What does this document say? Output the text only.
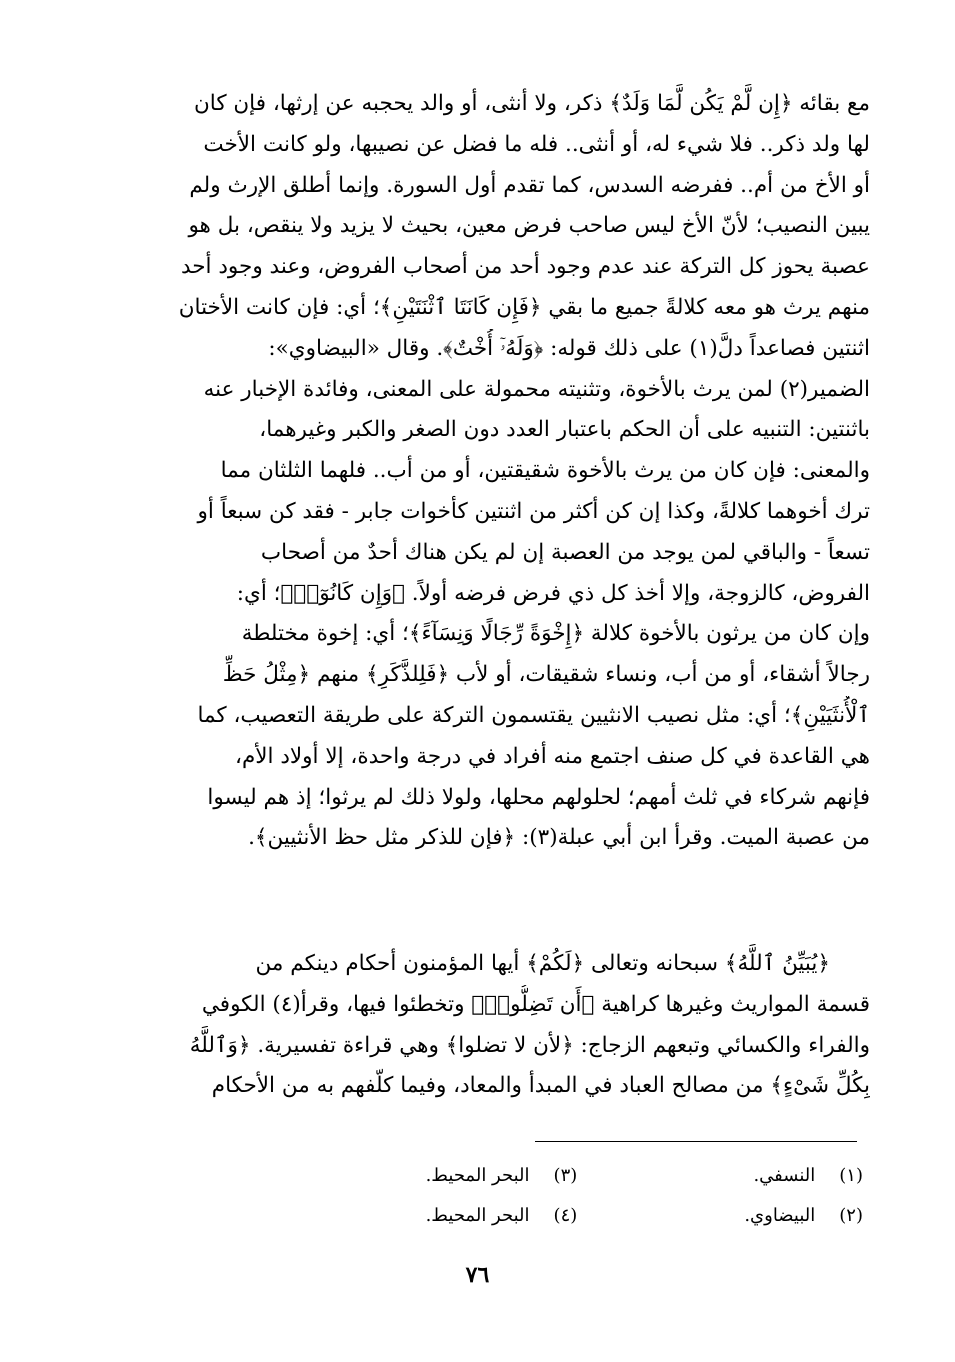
مع بقائه ﴿إِن لَّمْ يَكُن لَّمَا وَلَدٌ﴾ ذكر، ولا أنثى، أو والد يحجبه عن إرثها، فإن كان
لها ولد ذكر.. فلا شيء له، أو أنثى.. فله ما فضل عن نصيبها، ولو كانت الأخت
أو الأخ من أم.. ففرضه السدس، كما تقدم أول السورة. وإنما أطلق الإرث ولم
يبين النصيب؛ لأنّ الأخ ليس صاحب فرض معين، بحيث لا يزيد ولا ينقص، بل هو
عصبة يحوز كل التركة عند عدم وجود أحد من أصحاب الفروض، وعند وجود أحد
منهم يرث هو معه كلالةً جميع ما بقي ﴿فَإِن كَانَتَا ٱثْنَتَيْنِ﴾؛ أي: فإن كانت الأختان
اثنتين فصاعداً دلَّ(١) على ذلك قوله: ﴿وَلَهُۥٓ أُخْتٌ﴾. وقال «البيضاوي»:
الضمير(٢) لمن يرث بالأخوة، وتثنيته محمولة على المعنى، وفائدة الإخبار عنه
باثنتين: التنبيه على أن الحكم باعتبار العدد دون الصغر والكبر وغيرهما،
والمعنى: فإن كان من يرث بالأخوة شقيقتين، أو من أب.. فلهما الثلثان مما
ترك أخوهما كلالةً، وكذا إن كن أكثر من اثنتين كأخوات جابر - فقد كن سبعاً أو
تسعاً - والباقي لمن يوجد من العصبة إن لم يكن هناك أحدٌ من أصحاب
الفروض، كالزوجة، وإلا أخذ كل ذي فرض فرضه أولاً. ﴿وَإِن كَانُوٓا۟﴾؛ أي:
وإن كان من يرثون بالأخوة كلالة ﴿إِخْوَةً رِّجَالًا وَنِسَآءً﴾؛ أي: إخوة مختلطة
رجالاً أشقاء، أو من أب، ونساء شقيقات، أو لأب ﴿فَلِلذَّكَرِ﴾ منهم ﴿مِثْلُ حَظِّ
ٱلْأُنثَيَيْنِ﴾؛ أي: مثل نصيب الانثيين يقتسمون التركة على طريقة التعصيب، كما
هي القاعدة في كل صنف اجتمع منه أفراد في درجة واحدة، إلا أولاد الأم،
فإنهم شركاء في ثلث أمهم؛ لحلولهم محلها، ولولا ذلك لم يرثوا؛ إذ هم ليسوا
من عصبة الميت. وقرأ ابن أبي عبلة(٣): ﴿فإن للذكر مثل حظ الأنثيين﴾.
﴿يُبَيِّنُ ٱللَّهُ﴾ سبحانه وتعالى ﴿لَكُمْ﴾ أيها المؤمنون أحكام دينكم من
قسمة المواريث وغيرها كراهية ﴿أَن تَضِلُّوا۟﴾ وتخطئوا فيها، وقرأ(٤) الكوفي
والفراء والكسائي وتبعهم الزجاج: ﴿لأن لا تضلوا﴾ وهي قراءة تفسيرية. ﴿وَٱللَّهُ
بِكُلِّ شَىْءٍ﴾ من مصالح العباد في المبدأ والمعاد، وفيما كلّفهم به من الأحكام
(١) النسفي. (٣) البحر المحيط.
(٢) البيضاوي. (٤) البحر المحيط.
٧٦
